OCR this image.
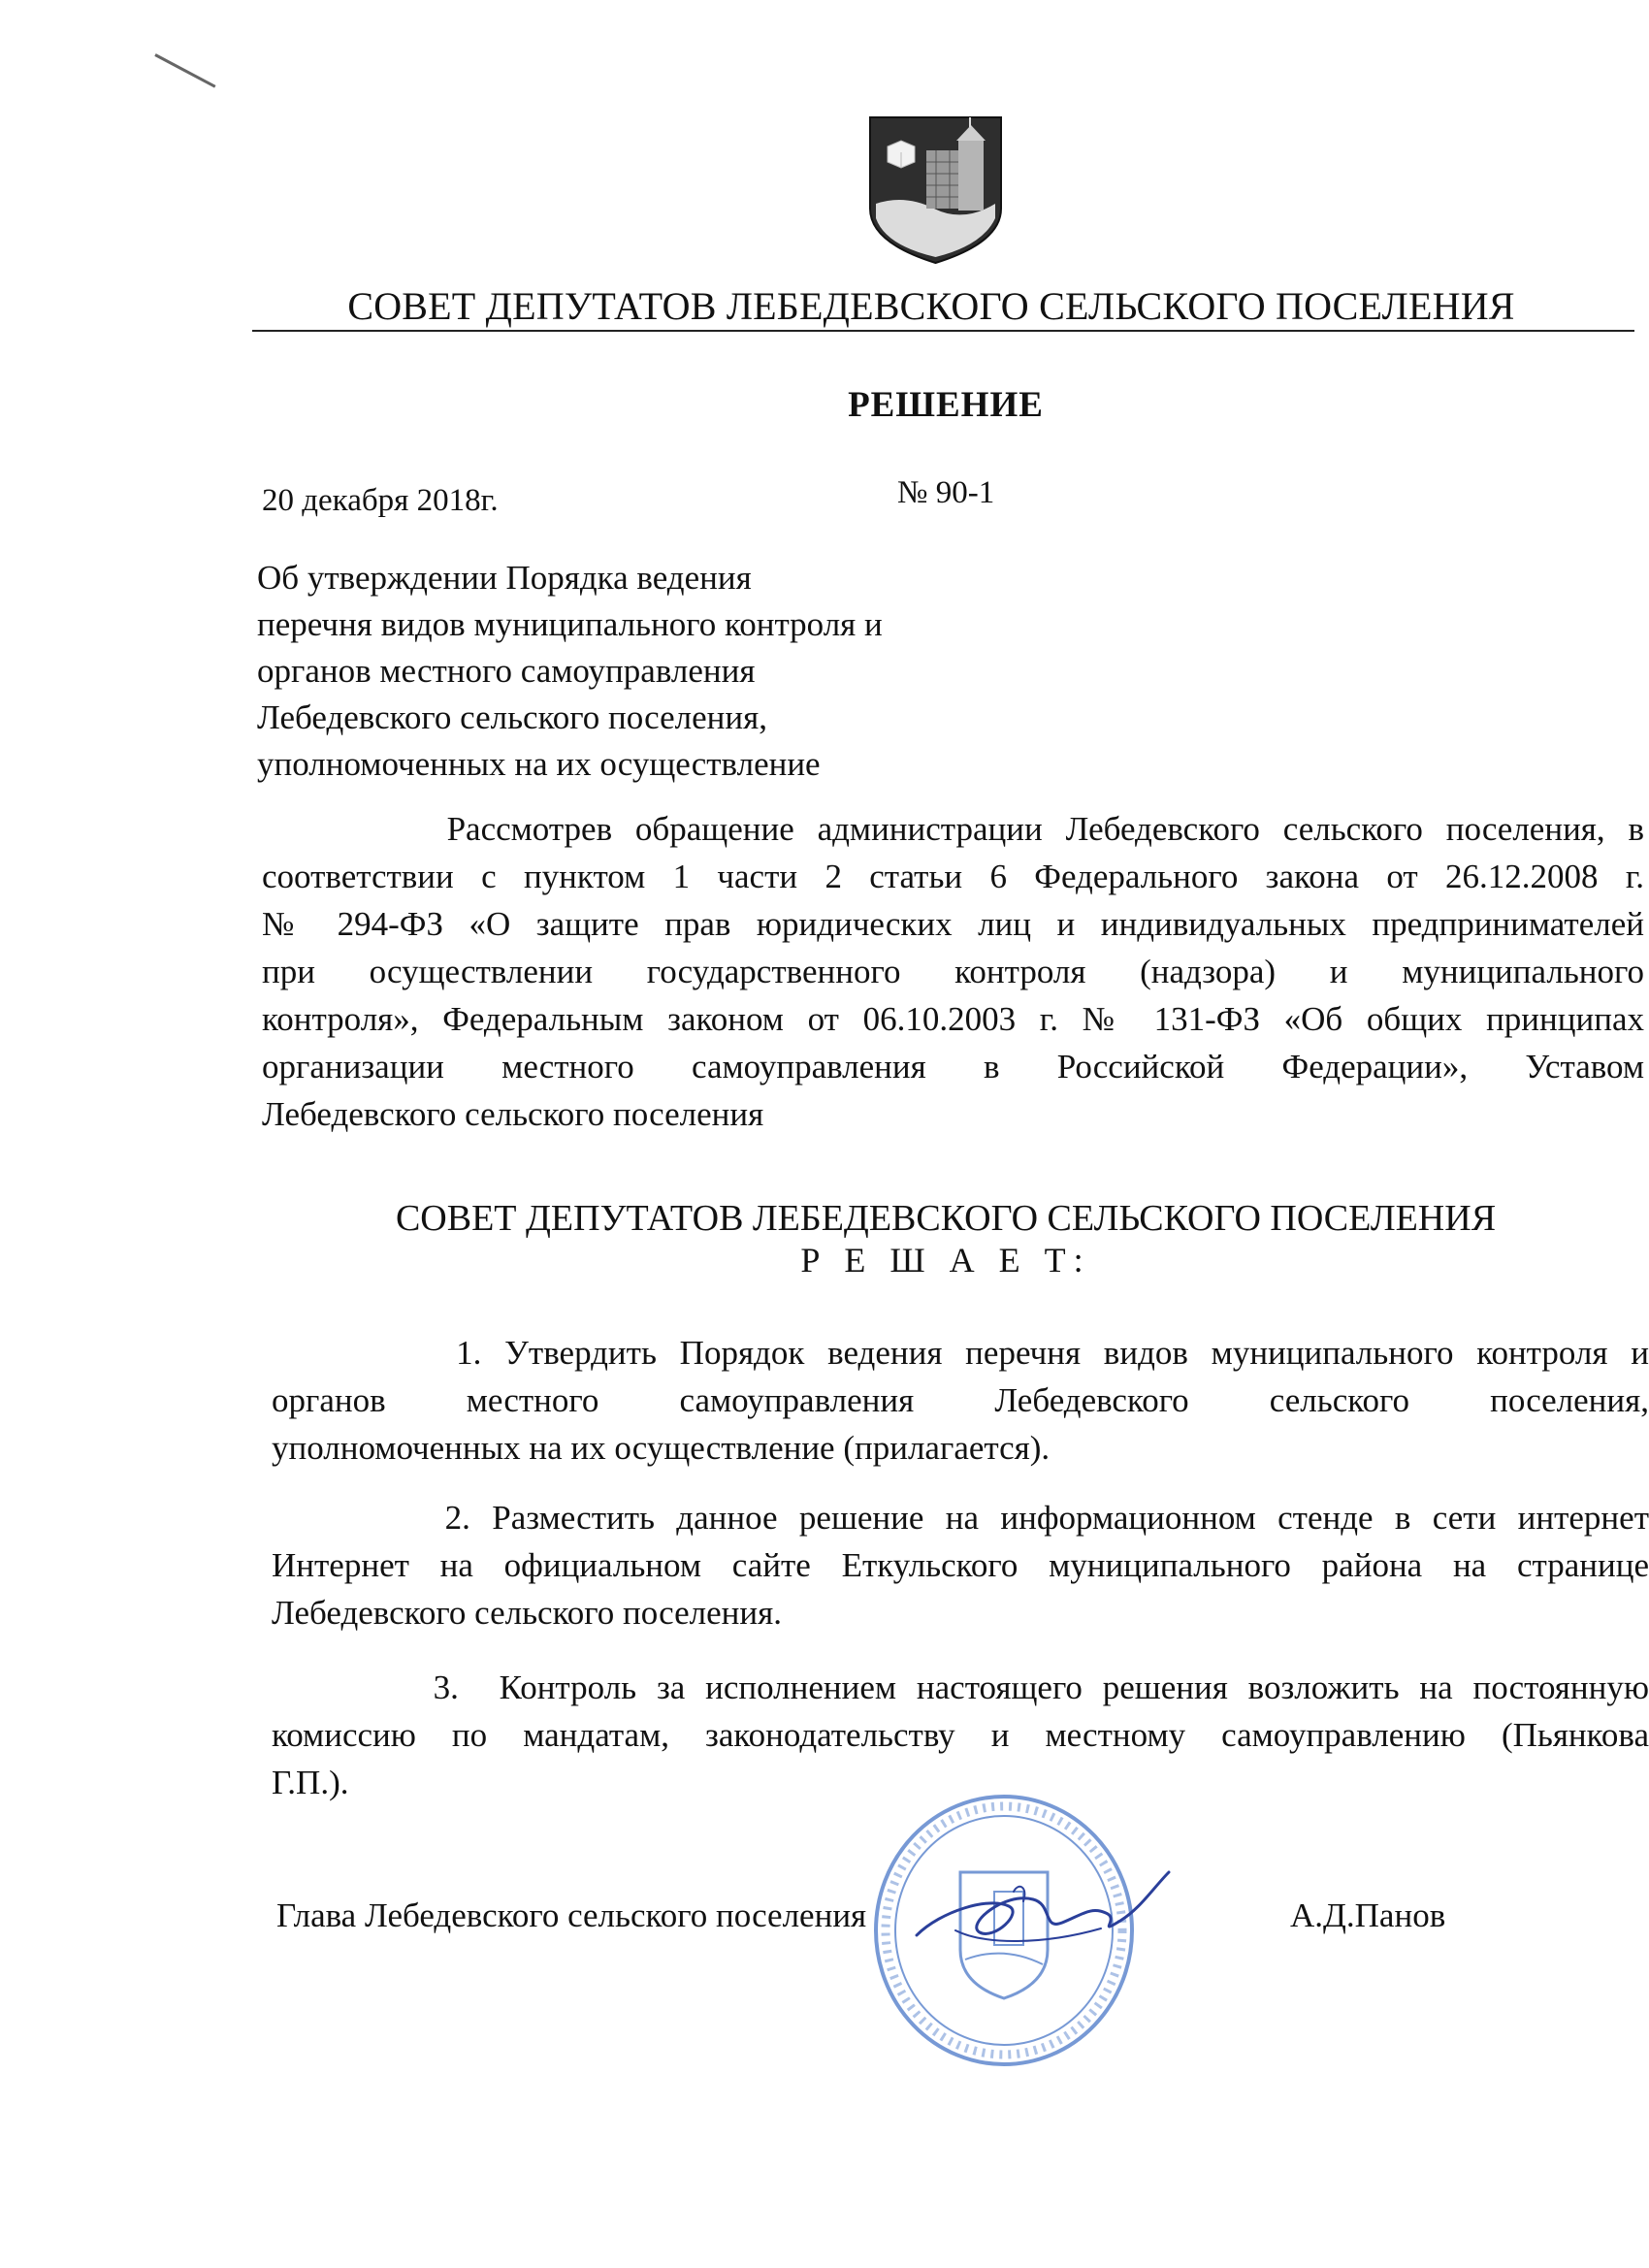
СОВЕТ ДЕПУТАТОВ ЛЕБЕДЕВСКОГО СЕЛЬСКОГО ПОСЕЛЕНИЯ
РЕШЕНИЕ
20 декабря 2018г.	№ 90-1
Об утверждении Порядка ведения
перечня видов муниципального контроля и
органов местного самоуправления
Лебедевского сельского поселения,
уполномоченных на их осуществление
Рассмотрев обращение администрации Лебедевского сельского поселения, в
соответствии с пунктом 1 части 2 статьи 6 Федерального закона от 26.12.2008 г.
№ 294-ФЗ «О защите прав юридических лиц и индивидуальных предпринимателей
при осуществлении государственного контроля (надзора) и муниципального
контроля», Федеральным законом от 06.10.2003 г. № 131-ФЗ «Об общих принципах
организации местного самоуправления в Российской Федерации», Уставом
Лебедевского сельского поселения
СОВЕТ ДЕПУТАТОВ ЛЕБЕДЕВСКОГО СЕЛЬСКОГО ПОСЕЛЕНИЯ
Р Е Ш А Е Т:
1. Утвердить Порядок ведения перечня видов муниципального контроля и
органов местного самоуправления Лебедевского сельского поселения,
уполномоченных на их осуществление (прилагается).
2. Разместить данное решение на информационном стенде в сети интернет
Интернет на официальном сайте Еткульского муниципального района на странице
Лебедевского сельского поселения.
3.  Контроль за исполнением настоящего решения возложить на постоянную
комиссию по мандатам, законодательству и местному самоуправлению (Пьянкова
Г.П.).
Глава Лебедевского сельского поселения	А.Д.Панов
